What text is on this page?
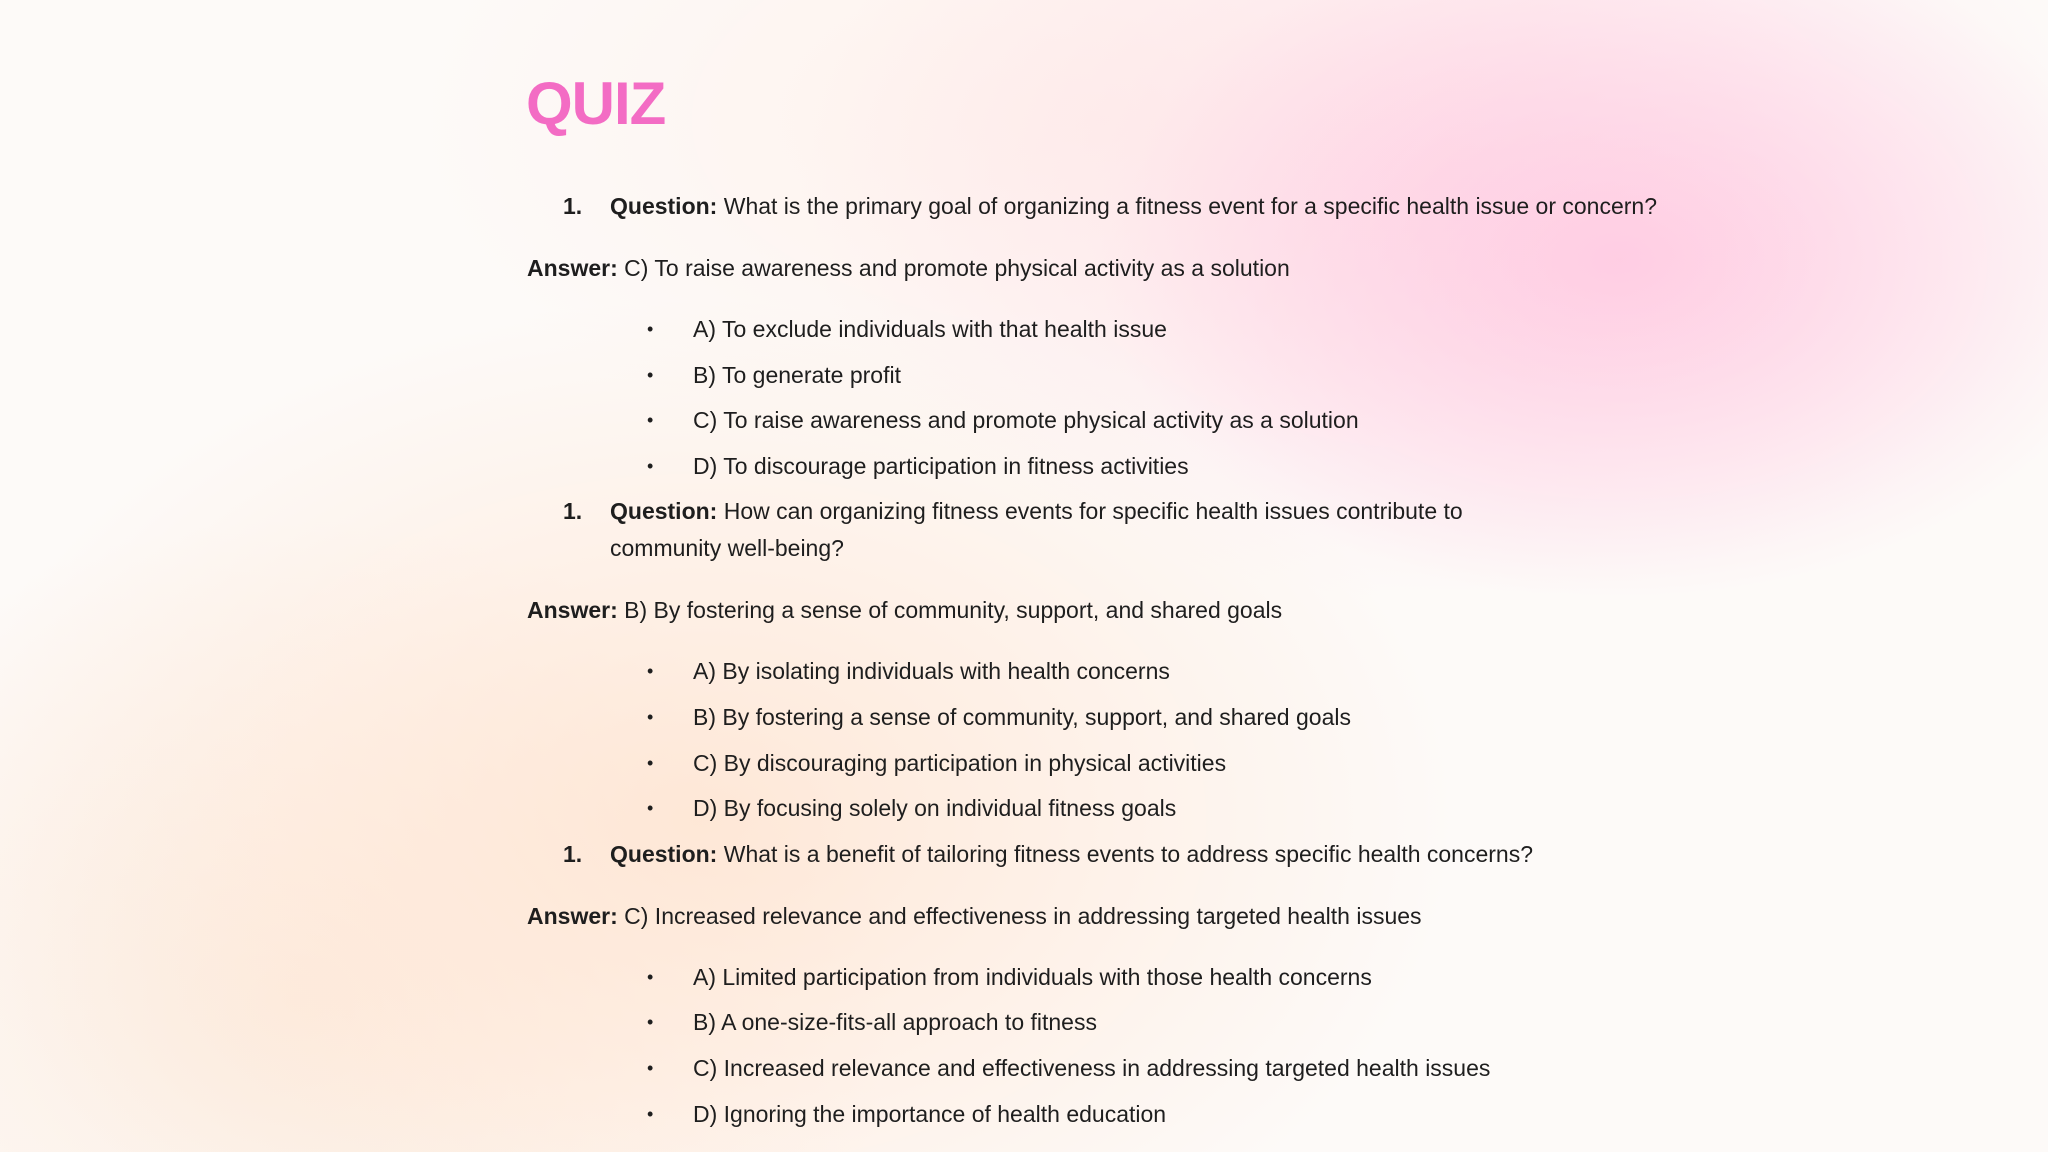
QUIZ
1.	Question: What is the primary goal of organizing a fitness event for a specific health issue or concern?
Answer: C) To raise awareness and promote physical activity as a solution
•	A) To exclude individuals with that health issue
•	B) To generate profit
•	C) To raise awareness and promote physical activity as a solution
•	D) To discourage participation in fitness activities
1.	Question: How can organizing fitness events for specific health issues contribute to community well-being?
Answer: B) By fostering a sense of community, support, and shared goals
•	A) By isolating individuals with health concerns
•	B) By fostering a sense of community, support, and shared goals
•	C) By discouraging participation in physical activities
•	D) By focusing solely on individual fitness goals
1.	Question: What is a benefit of tailoring fitness events to address specific health concerns?
Answer: C) Increased relevance and effectiveness in addressing targeted health issues
•	A) Limited participation from individuals with those health concerns
•	B) A one-size-fits-all approach to fitness
•	C) Increased relevance and effectiveness in addressing targeted health issues
•	D) Ignoring the importance of health education
